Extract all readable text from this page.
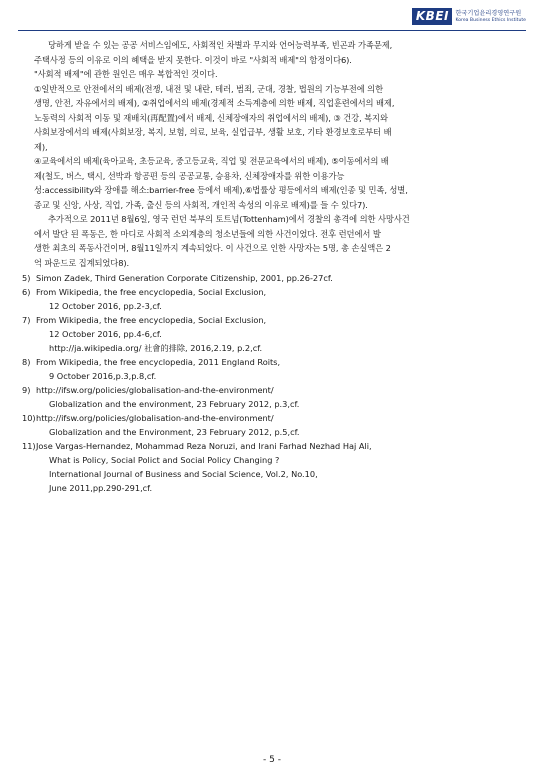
KBEI	한국기업윤리경영연구원
Korea Business Ethics Institute

당하게 받을 수 있는 공공 서비스임에도, 사회적인 차별과 무지와 언어능력부족, 빈곤과 가족문제,
주택사정 등의 이유로 이의 혜택을 받지 못한다. 이것이 바로 "사회적 배제"의 함정이다6).

"사회적 배제"에 관한 원인은 매우 복합적인 것이다.

①일반적으로 안전에서의 배제(전쟁, 내전 및 내란, 테러, 범죄, 군대, 경찰, 법원의 기능부전에 의한
생명, 안전, 자유에서의 배제), ②취업에서의 배제(경제적 소득계층에 의한 배제, 직업훈련에서의 배제,
노동력의 사회적 이동 및 재배치(再配置)에서 배제, 신체장애자의 취업에서의 배제), ③ 건강, 복지와
사회보장에서의 배제(사회보장, 복지, 보험, 의료, 보육, 실업급부, 생활 보호, 기타 환경보호로부터 배
제),

④교육에서의 배제(육아교육, 초등교육, 중고등교육, 직업 및 전문교육에서의 배제), ⑤이동에서의 배
제(철도, 버스, 택시, 선박과 항공편 등의 공공교통, 승용차, 신체장애자를 위한 이용가능
성:accessibility와 장애를 해소:barrier-free 등에서 배제),⑥법률상 평등에서의 배제(인종 및 민족, 성별,
종교 및 신앙, 사상, 직업, 가족, 출신 등의 사회적, 개인적 속성의 이유로 배제)를 들 수 있다7).

추가적으로 2011년 8월6일, 영국 런던 북부의 토트넘(Tottenham)에서 경찰의 총격에 의한 사망사건
에서 발단 된 폭동은, 한 마디로 사회적 소외계층의 청소년들에 의한 사건이었다. 전후 런던에서 발
생한 최초의 폭동사건이며, 8월11일까지 계속되었다. 이 사건으로 인한 사망자는 5명, 총 손실액은 2
억 파운드로 집계되었다8).

5) Simon Zadek, Third Generation Corporate Citizenship, 2001, pp.26-27cf.
6) From Wikipedia, the free encyclopedia, Social Exclusion,
12 October 2016, pp.2-3,cf.
7) From Wikipedia, the free encyclopedia, Social Exclusion,
12 October 2016, pp.4-6,cf.
http://ja.wikipedia.org/ 社會的排除, 2016,2.19, p.2,cf.
8) From Wikipedia, the free encyclopedia, 2011 England Roits,
9 October 2016,p.3,p.8,cf.
9) http://ifsw.org/policies/globalisation-and-the-environment/
Globalization and the environment, 23 February 2012, p.3,cf.
10) http://ifsw.org/policies/globalisation-and-the-environment/
Globalization and the Environment, 23 February 2012, p.5,cf.
11) Jose Vargas-Hernandez, Mohammad Reza Noruzi, and Irani Farhad Nezhad Haj Ali,
What is Policy, Social Polict and Social Policy Changing ?
International Journal of Business and Social Science, Vol.2, No.10,
June 2011,pp.290-291,cf.
- 5 -
